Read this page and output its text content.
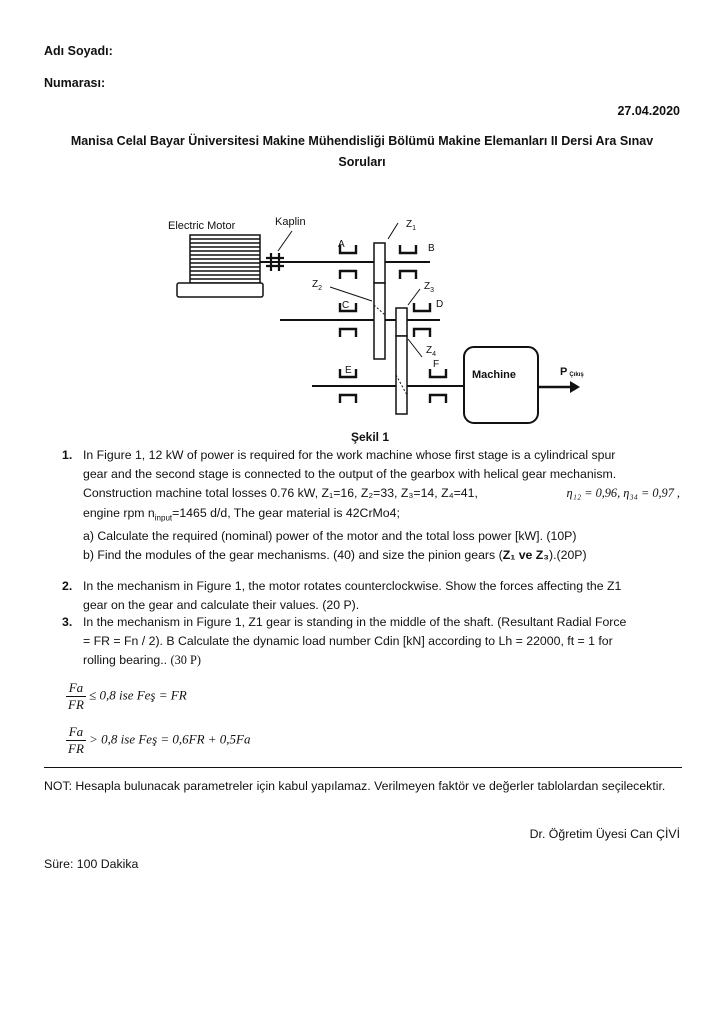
Adı Soyadı:
Numarası:
27.04.2020
Manisa Celal Bayar Üniversitesi Makine Mühendisliği Bölümü Makine Elemanları II Dersi Ara Sınav
Soruları
Electric Motor	Kaplin
A	B
$Z_1$
$Z_2$
C
$Z_3$
D
$Z_4$
E
F
Machine	P Çıkış
Şekil 1
1. In Figure 1, 12 kW of power is required for the work machine whose first stage is a cylindrical spur
gear and the second stage is connected to the output of the gearbox with helical gear mechanism.
Construction machine total losses 0.76 kW, Z₁=16, Z₂=33, Z₃=14, Z₄=41,	η₁₂ = 0,96, η₃₄ = 0,97 ,
engine rpm $n_{input}=1465$ d/d, The gear material is 42CrMo4;
a) Calculate the required (nominal) power of the motor and the total loss power [kW]. (10P)
b) Find the modules of the gear mechanisms. (40) and size the pinion gears (Z₁ ve Z₃).(20P)
2. In the mechanism in Figure 1, the motor rotates counterclockwise. Show the forces affecting the Z1
gear on the gear and calculate their values. (20 P).
3. In the mechanism in Figure 1, Z1 gear is standing in the middle of the shaft. (Resultant Radial Force
= FR = Fn / 2). B Calculate the dynamic load number Cdin [kN] according to Lh = 22000, ft = 1 for
rolling bearing.. (30 P)
$\frac{Fa}{FR} \le 0,8$ ise Feş = FR
$\frac{Fa}{FR} > 0,8$ ise Feş = 0,6FR + 0,5Fa
NOT: Hesapla bulunacak parametreler için kabul yapılamaz. Verilmeyen faktör ve değerler tablolardan seçilecektir.
Dr. Öğretim Üyesi Can ÇİVİ
Süre: 100 Dakika
